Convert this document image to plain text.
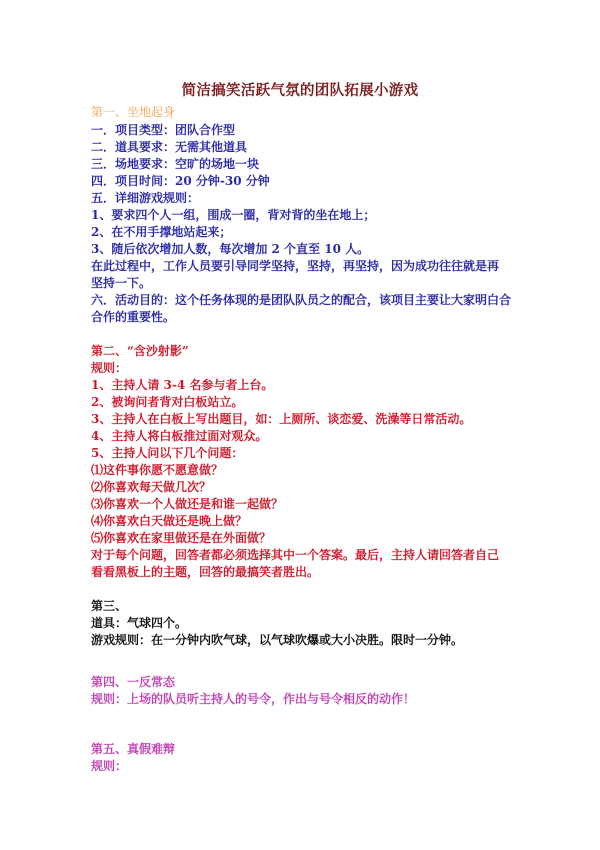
简洁搞笑活跃气氛的团队拓展小游戏
第一、坐地起身
一．项目类型：团队合作型
二．道具要求：无需其他道具
三．场地要求：空旷的场地一块
四．项目时间：20 分钟-30 分钟
五．详细游戏规则：
1、要求四个人一组，围成一圈，背对背的坐在地上；
2、在不用手撑地站起来；
3、随后依次增加人数，每次增加 2 个直至 10 人。
在此过程中，工作人员要引导同学坚持，坚持，再坚持，因为成功往往就是再
坚持一下。
六．活动目的：这个任务体现的是团队队员之的配合，该项目主要让大家明白合
合作的重要性。
第二、“含沙射影”
规则：
1、主持人请 3-4 名参与者上台。
2、被询问者背对白板站立。
3、主持人在白板上写出题目，如：上厕所、谈恋爱、洗澡等日常活动。
4、主持人将白板推过面对观众。
5、主持人问以下几个问题：
⑴这件事你愿不愿意做？
⑵你喜欢每天做几次？
⑶你喜欢一个人做还是和谁一起做？
⑷你喜欢白天做还是晚上做？
⑸你喜欢在家里做还是在外面做？
对于每个问题，回答者都必须选择其中一个答案。最后，主持人请回答者自己
看看黑板上的主题，回答的最搞笑者胜出。
第三、
道具：气球四个。
游戏规则：在一分钟内吹气球，以气球吹爆或大小决胜。限时一分钟。
第四、一反常态
规则：上场的队员听主持人的号令，作出与号令相反的动作！
第五、真假难辩
规则：
